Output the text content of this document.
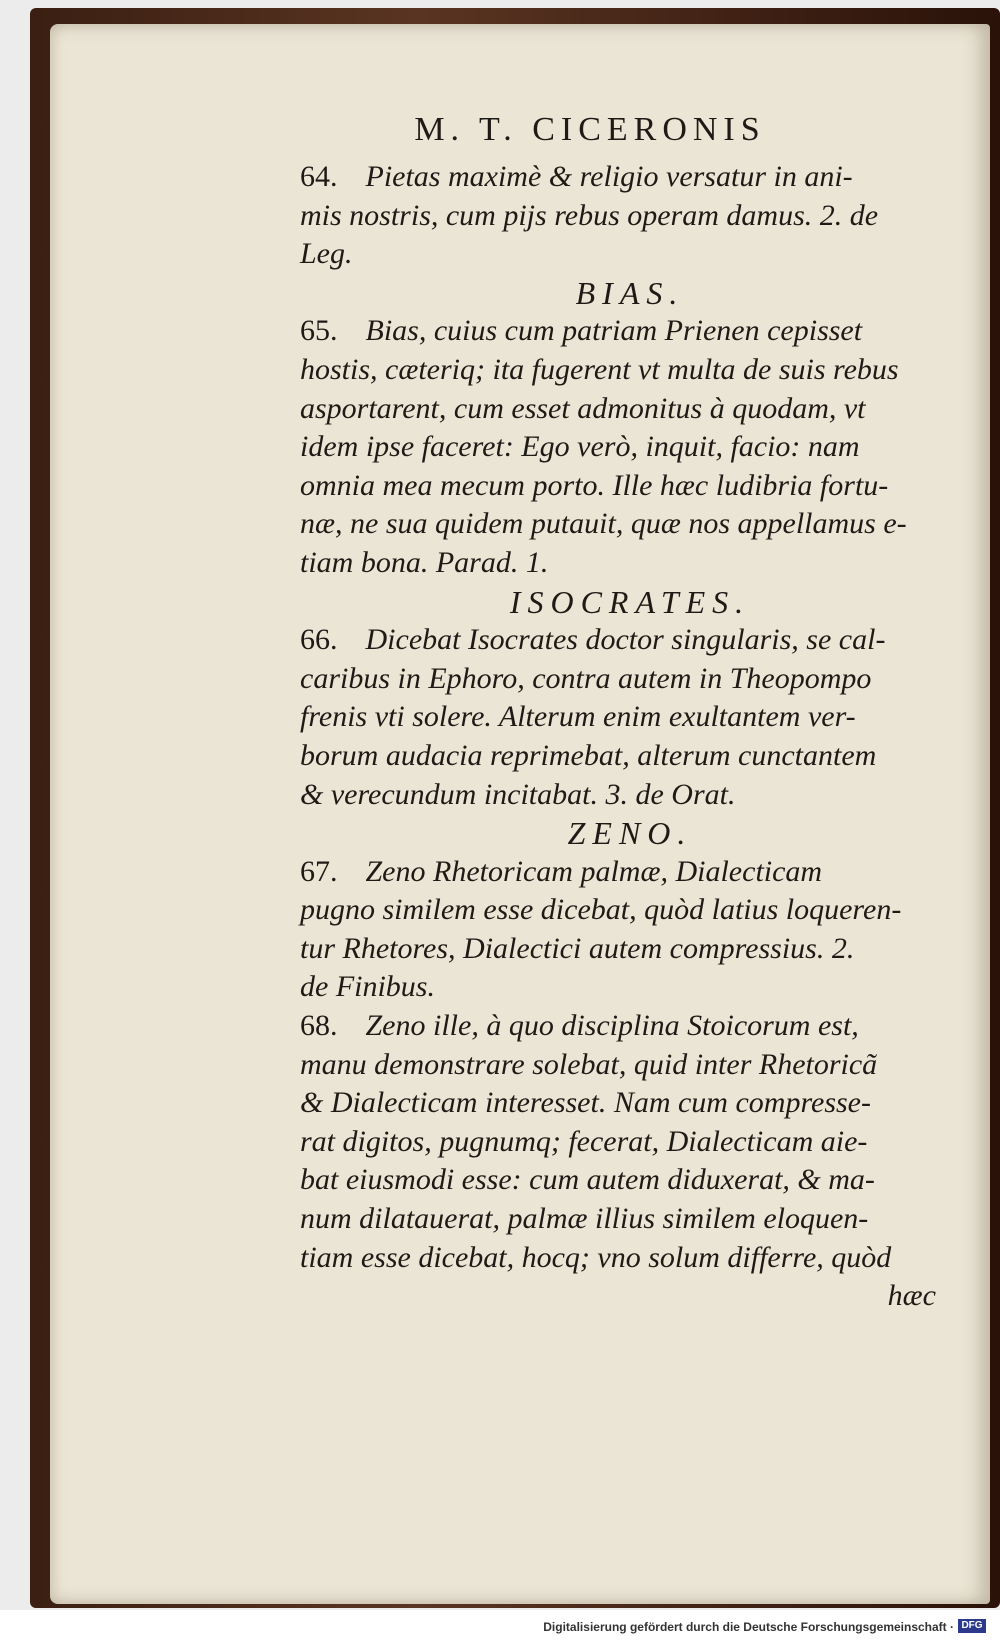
M. T. CICERONIS
64. Pietas maximè & religio versatur in ani-
mis nostris, cum pijs rebus operam damus. 2. de
Leg.
BIAS.
65. Bias, cuius cum patriam Prienen cepisset
hostis, cæteriq; ita fugerent vt multa de suis rebus
asportarent, cum esset admonitus à quodam, vt
idem ipse faceret: Ego verò, inquit, facio: nam
omnia mea mecum porto. Ille hæc ludibria fortu-
næ, ne sua quidem putauit, quæ nos appellamus e-
tiam bona. Parad. 1.
ISOCRATES.
66. Dicebat Isocrates doctor singularis, se cal-
caribus in Ephoro, contra autem in Theopompo
frenis vti solere. Alterum enim exultantem ver-
borum audacia reprimebat, alterum cunctantem
& verecundum incitabat. 3. de Orat.
ZENO.
67. Zeno Rhetoricam palmæ, Dialecticam
pugno similem esse dicebat, quòd latius loqueren-
tur Rhetores, Dialectici autem compressius. 2.
de Finibus.
68. Zeno ille, à quo disciplina Stoicorum est,
manu demonstrare solebat, quid inter Rhetoricã
& Dialecticam interesset. Nam cum compresse-
rat digitos, pugnumq; fecerat, Dialecticam aie-
bat eiusmodi esse: cum autem diduxerat, & ma-
num dilatauerat, palmæ illius similem eloquen-
tiam esse dicebat, hocq; vno solum differre, quòd
hæc
Digitalisierung gefördert durch die Deutsche Forschungsgemeinschaft · DFG
